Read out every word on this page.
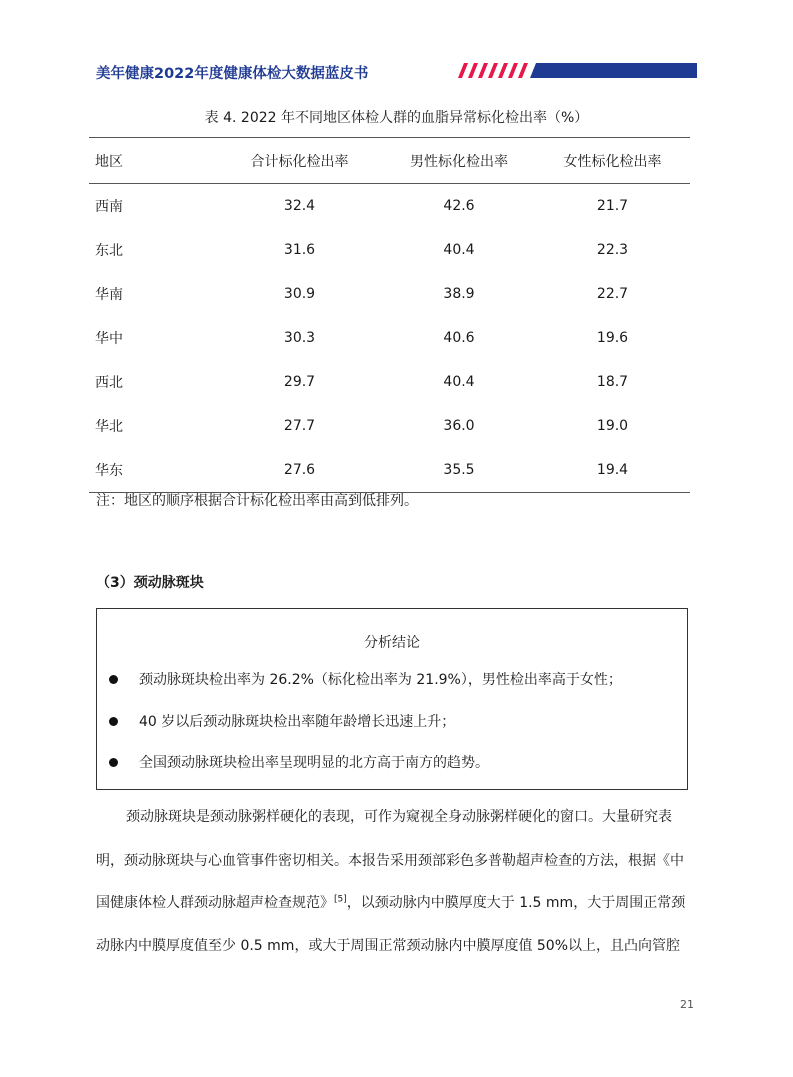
美年健康2022年度健康体检大数据蓝皮书
表 4. 2022 年不同地区体检人群的血脂异常标化检出率（%）
地区	合计标化检出率	男性标化检出率	女性标化检出率
西南	32.4	42.6	21.7
东北	31.6	40.4	22.3
华南	30.9	38.9	22.7
华中	30.3	40.6	19.6
西北	29.7	40.4	18.7
华北	27.7	36.0	19.0
华东	27.6	35.5	19.4
注：地区的顺序根据合计标化检出率由高到低排列。
（3）颈动脉斑块
分析结论
颈动脉斑块检出率为 26.2%（标化检出率为 21.9%），男性检出率高于女性；
40 岁以后颈动脉斑块检出率随年龄增长迅速上升；
全国颈动脉斑块检出率呈现明显的北方高于南方的趋势。
颈动脉斑块是颈动脉粥样硬化的表现，可作为窥视全身动脉粥样硬化的窗口。大量研究表
明，颈动脉斑块与心血管事件密切相关。本报告采用颈部彩色多普勒超声检查的方法，根据《中
国健康体检人群颈动脉超声检查规范》[5]，以颈动脉内中膜厚度大于 1.5 mm，大于周围正常颈
动脉内中膜厚度值至少 0.5 mm，或大于周围正常颈动脉内中膜厚度值 50%以上，且凸向管腔
21
